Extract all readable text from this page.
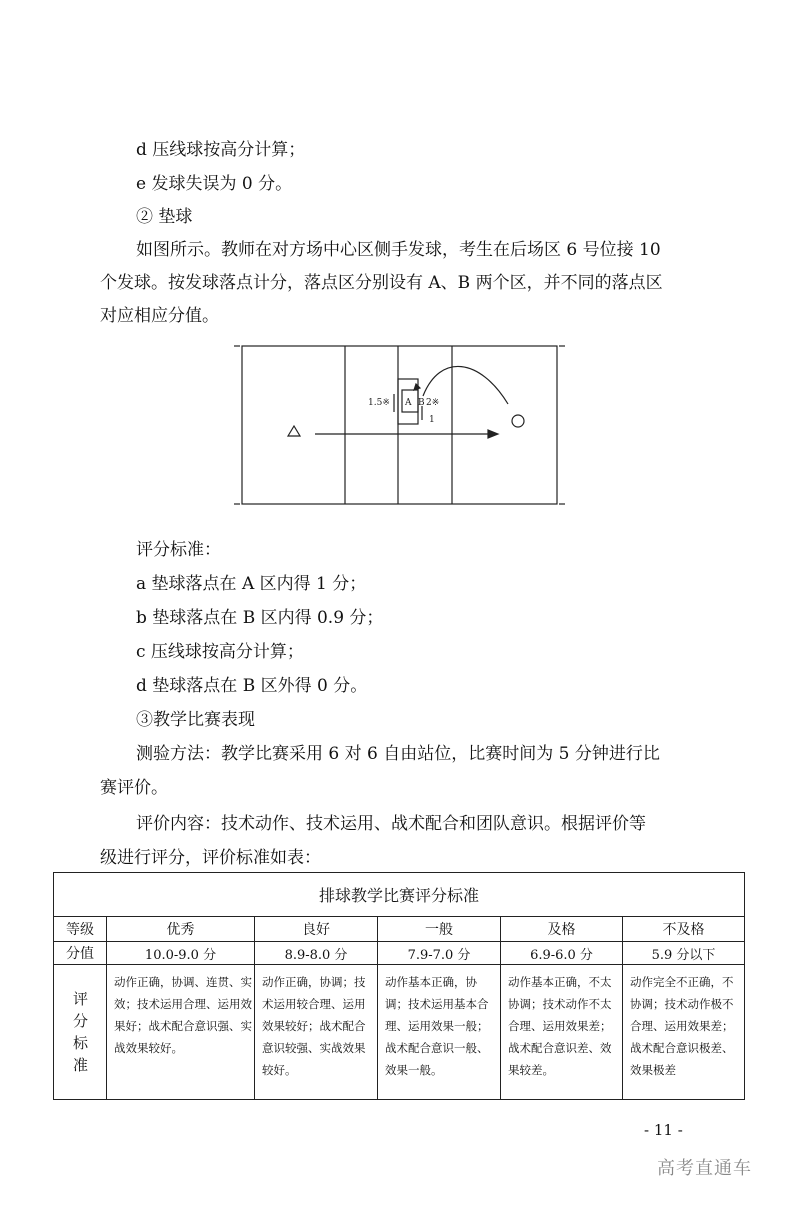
d 压线球按高分计算；
e 发球失误为 0 分。
② 垫球
如图所示。教师在对方场中心区侧手发球，考生在后场区 6 号位接 10
个发球。按发球落点计分，落点区分别设有 A、B 两个区，并不同的落点区
对应相应分值。
A B
1.5※	2※
1
评分标准：
a 垫球落点在 A 区内得 1 分；
b 垫球落点在 B 区内得 0.9 分；
c 压线球按高分计算；
d 垫球落点在 B 区外得 0 分。
③教学比赛表现
测验方法：教学比赛采用 6 对 6 自由站位，比赛时间为 5 分钟进行比
赛评价。
评价内容：技术动作、技术运用、战术配合和团队意识。根据评价等
级进行评分，评价标准如表：
排球教学比赛评分标准					
等级	优秀	良好	一般	及格	不及格
分值	10.0-9.0 分	8.9-8.0 分	7.9-7.0 分	6.9-6.0 分	5.9 分以下
评分标准	动作正确，协调、连贯、实效；技术运用合理、运用效果好；战术配合意识强、实战效果较好。	动作正确，协调；技术运用较合理、运用效果较好；战术配合意识较强、实战效果较好。	动作基本正确，协调；技术运用基本合理、运用效果一般；战术配合意识一般、效果一般。	动作基本正确，不太协调；技术动作不太合理、运用效果差；战术配合意识差、效果较差。	动作完全不正确，不协调；技术动作极不合理、运用效果差；战术配合意识极差、效果极差
- 11 -
高考直通车
